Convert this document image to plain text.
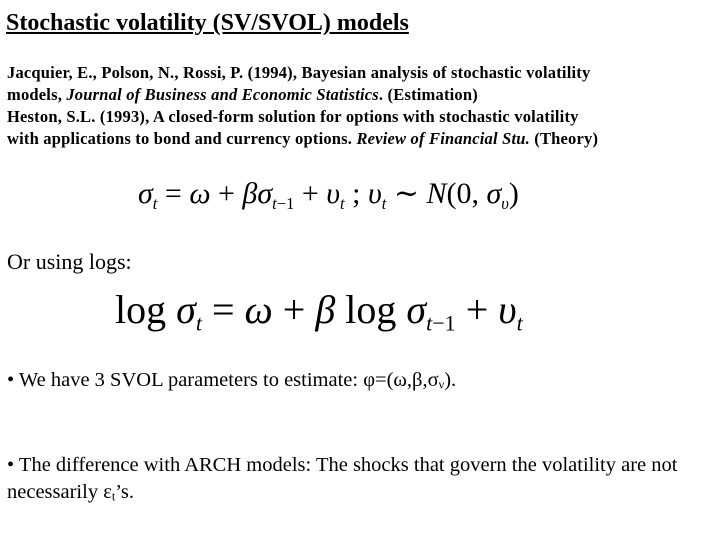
Stochastic volatility (SV/SVOL) models
Jacquier, E., Polson, N., Rossi, P. (1994), Bayesian analysis of stochastic volatility
models, Journal of Business and Economic Statistics. (Estimation)
Heston, S.L. (1993), A closed-form solution for options with stochastic volatility
with applications to bond and currency options. Review of Financial Stu. (Theory)
$\sigma_t = \omega + \beta\sigma_{t-1} + \upsilon_t$ ; $\upsilon_t$ ~ N(0, $\sigma_\upsilon$)
Or using logs:
$\log \sigma_t = \omega + \beta$ $\log \sigma_{t-1} + \upsilon_t$
• We have 3 SVOL parameters to estimate: $\varphi=(\omega,\beta,\sigma_\nu)$.
• The difference with ARCH models: The shocks that govern the volatility are not necessarily $\varepsilon_t’s$.
